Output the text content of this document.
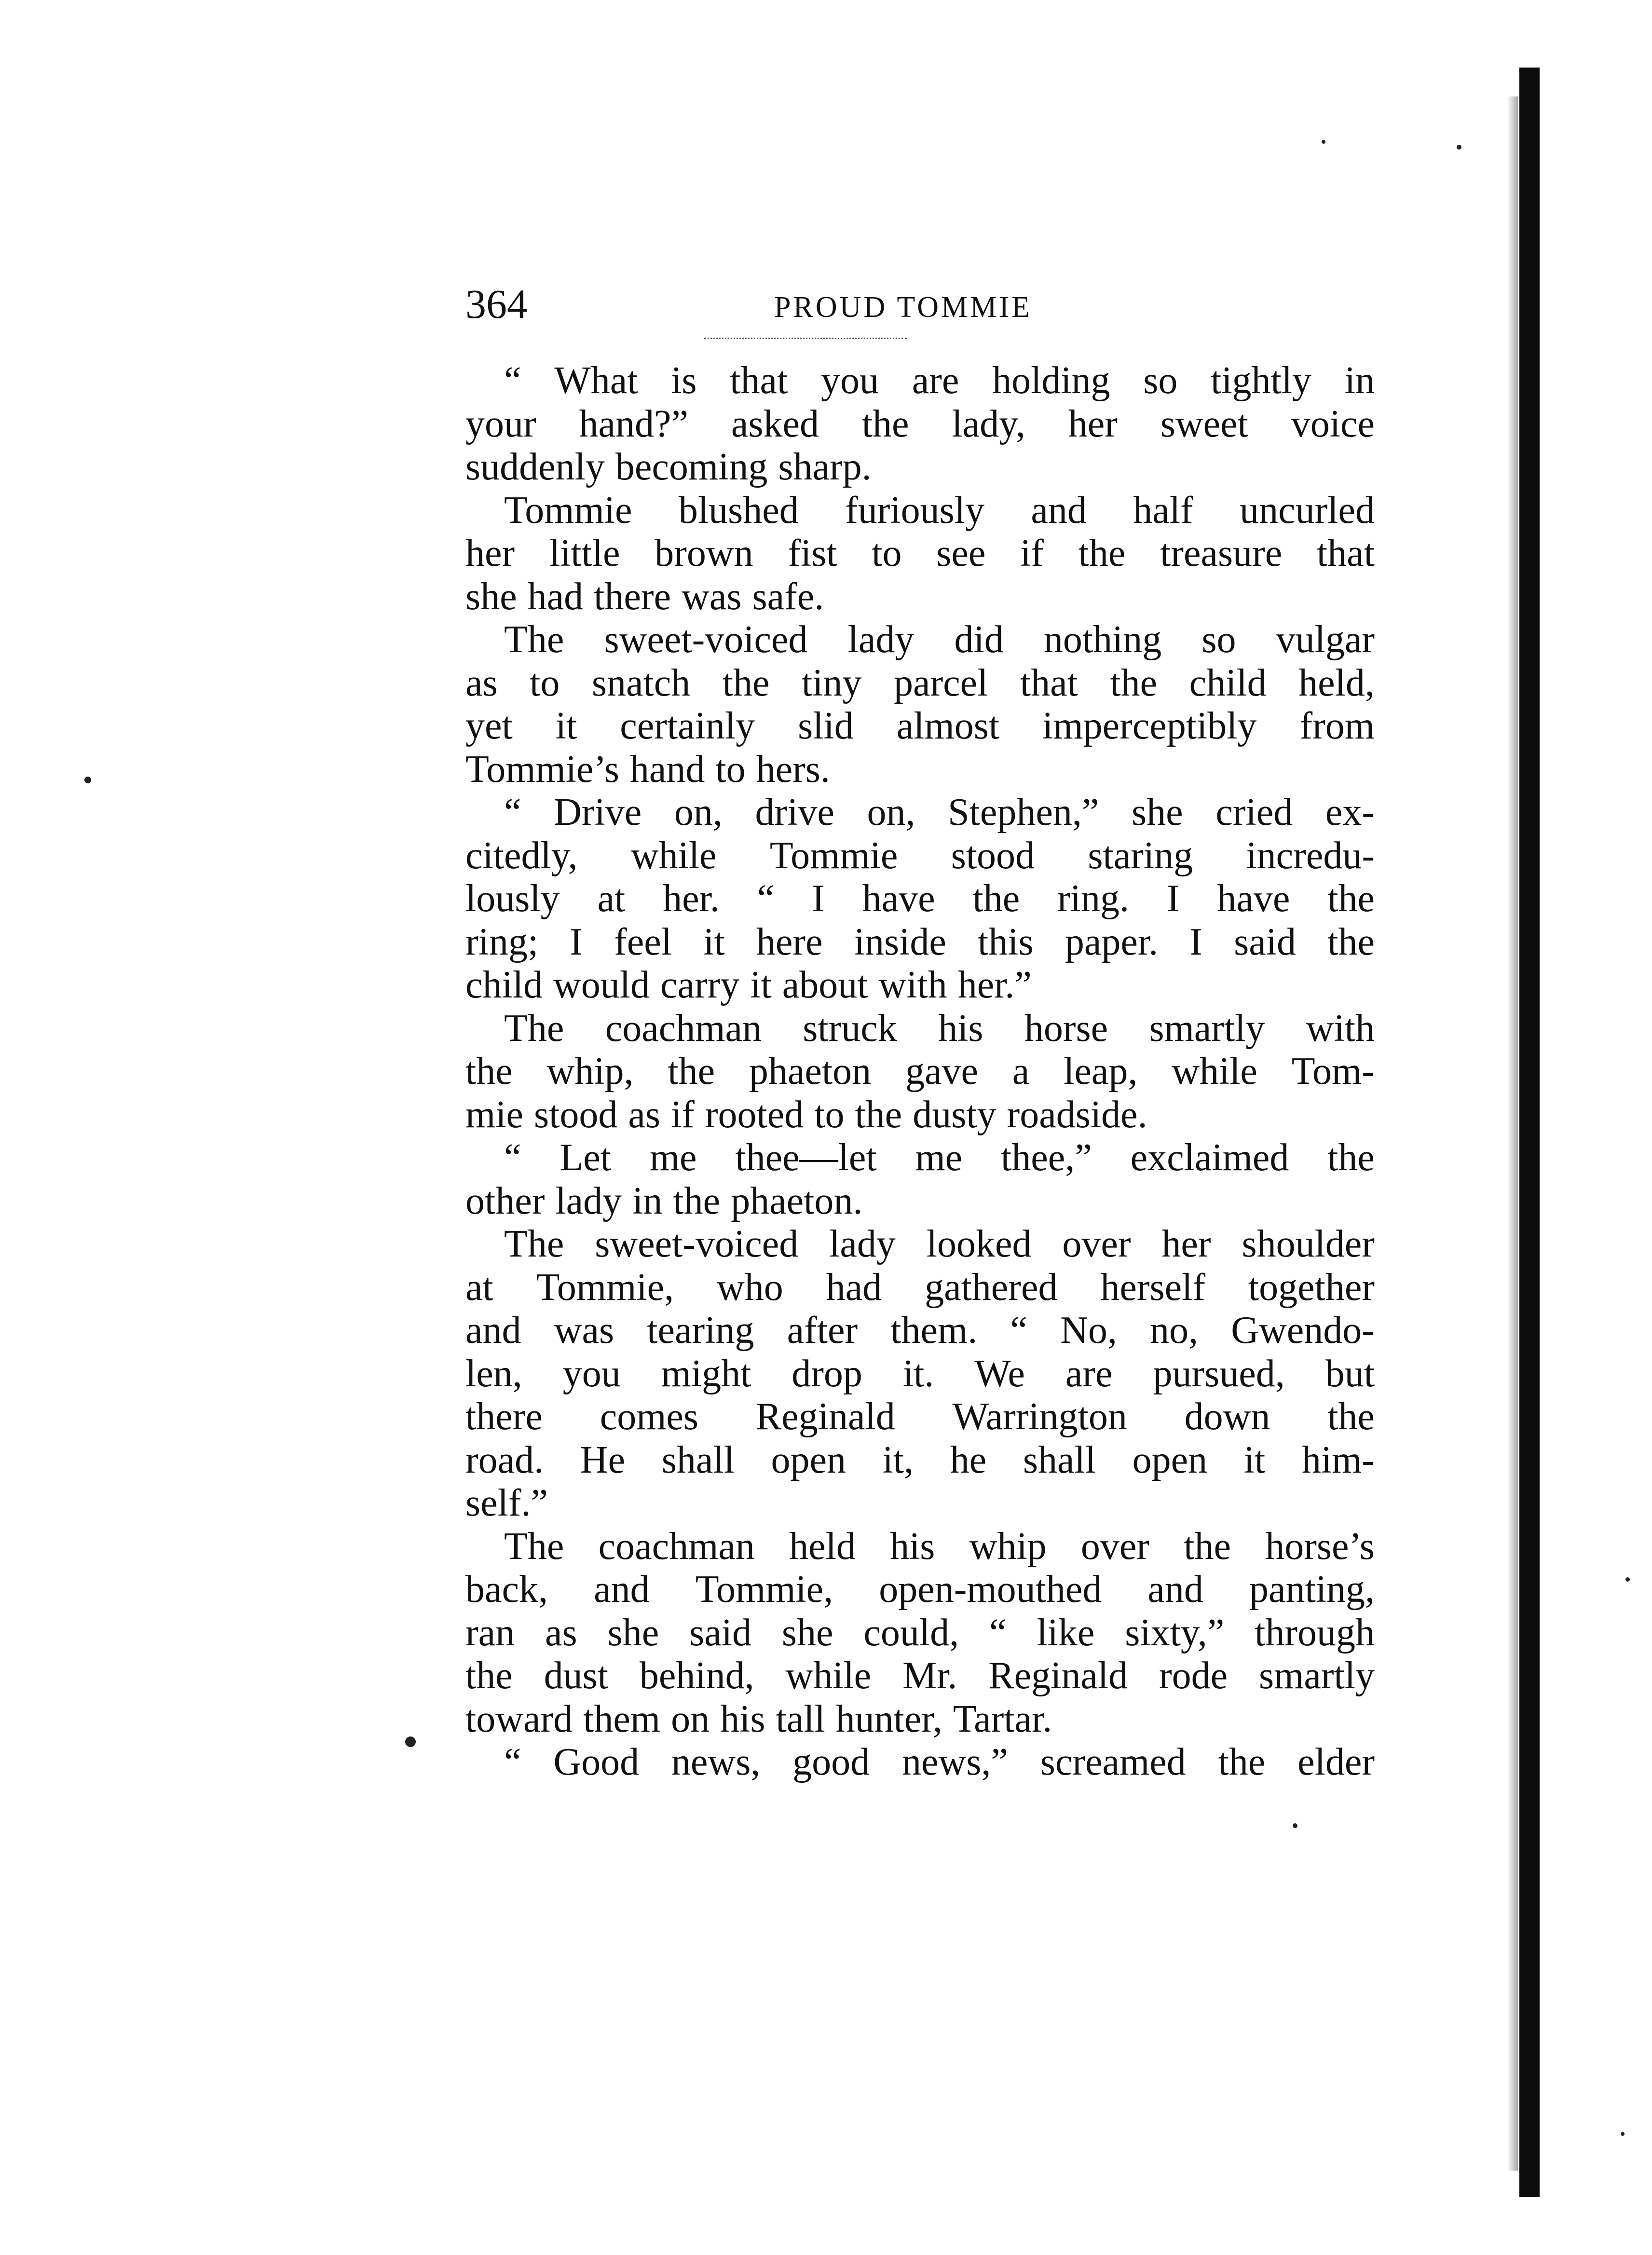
364	PROUD TOMMIE
“ What is that you are holding so tightly in
your hand?” asked the lady, her sweet voice
suddenly becoming sharp.
Tommie blushed furiously and half uncurled
her little brown fist to see if the treasure that
she had there was safe.
The sweet-voiced lady did nothing so vulgar
as to snatch the tiny parcel that the child held,
yet it certainly slid almost imperceptibly from
Tommie’s hand to hers.
“ Drive on, drive on, Stephen,” she cried ex-
citedly, while Tommie stood staring incredu-
lously at her. “ I have the ring. I have the
ring; I feel it here inside this paper. I said the
child would carry it about with her.”
The coachman struck his horse smartly with
the whip, the phaeton gave a leap, while Tom-
mie stood as if rooted to the dusty roadside.
“ Let me thee—let me thee,” exclaimed the
other lady in the phaeton.
The sweet-voiced lady looked over her shoulder
at Tommie, who had gathered herself together
and was tearing after them. “ No, no, Gwendo-
len, you might drop it. We are pursued, but
there comes Reginald Warrington down the
road. He shall open it, he shall open it him-
self.”
The coachman held his whip over the horse’s
back, and Tommie, open-mouthed and panting,
ran as she said she could, “ like sixty,” through
the dust behind, while Mr. Reginald rode smartly
toward them on his tall hunter, Tartar.
“ Good news, good news,” screamed the elder
